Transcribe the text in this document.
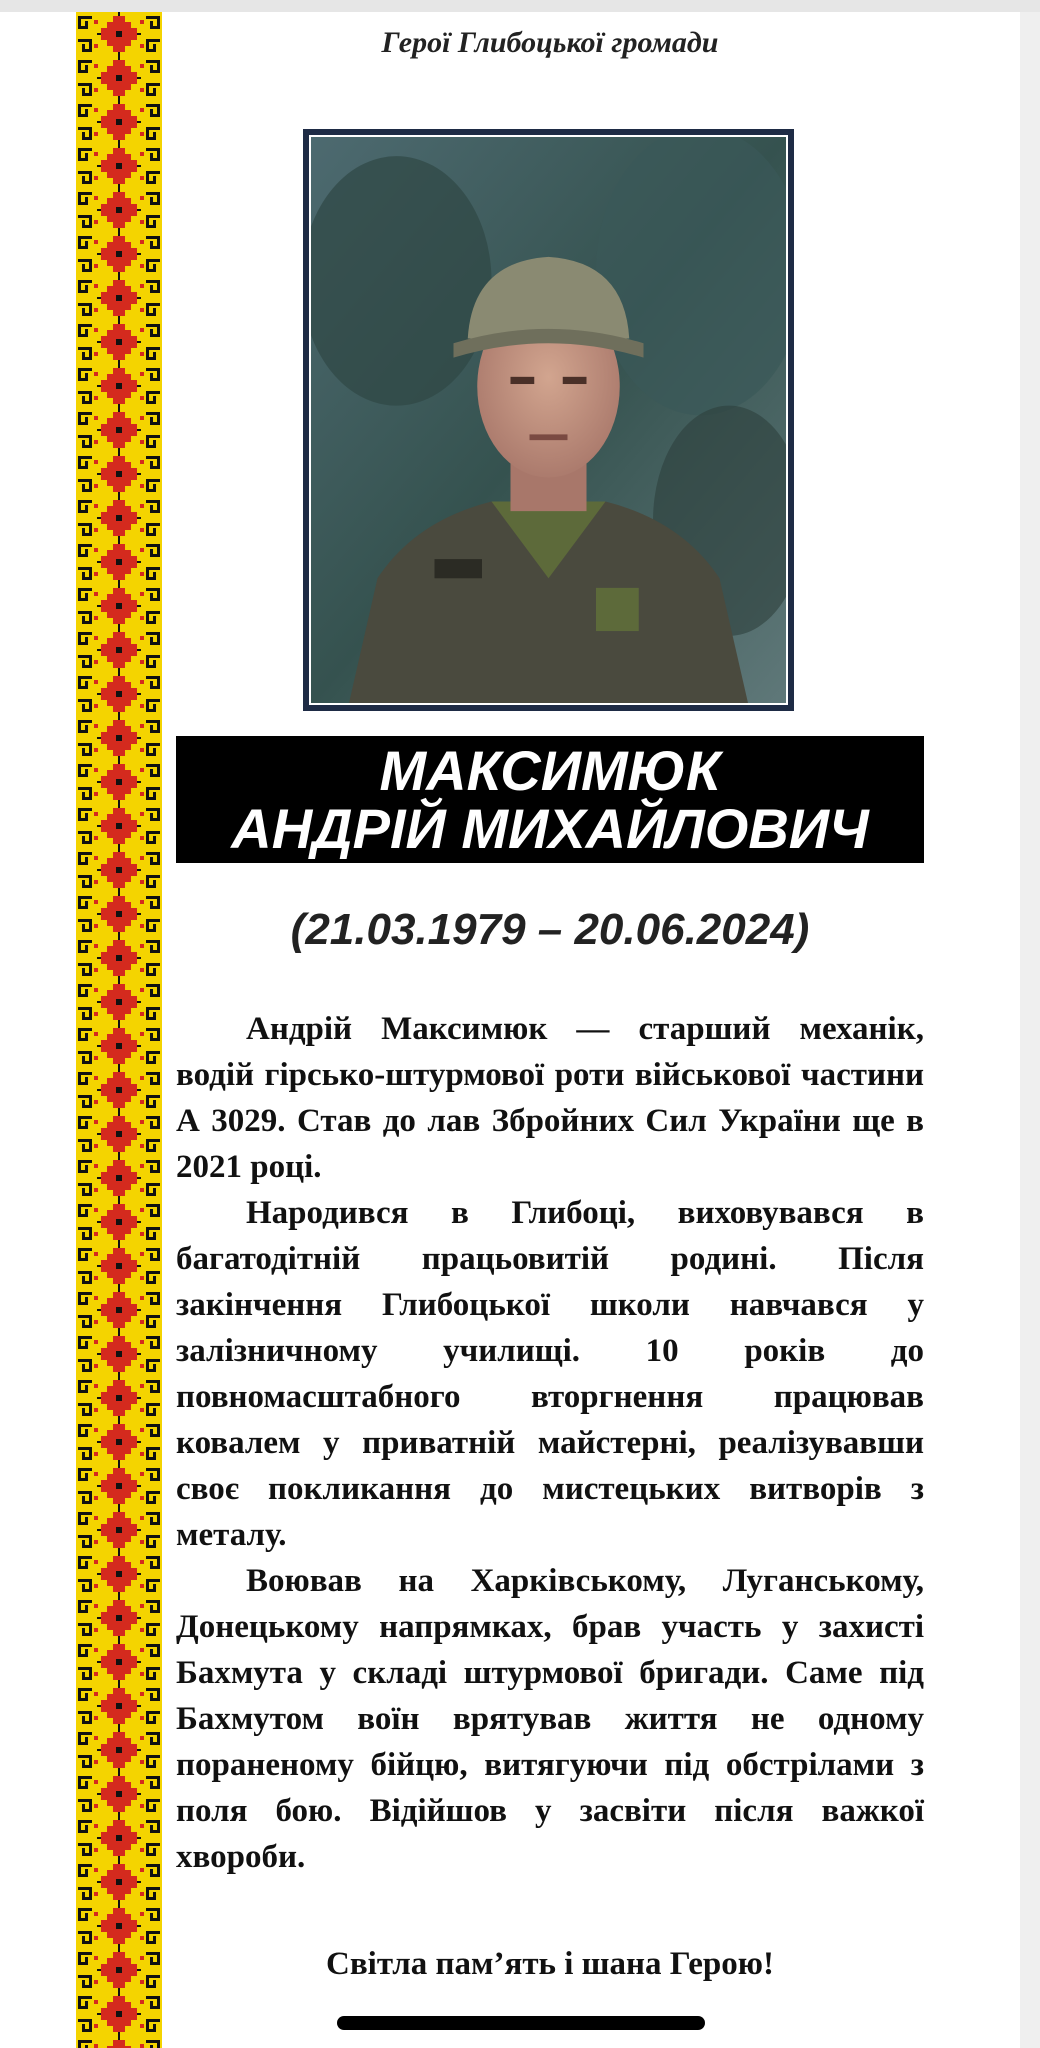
Герої Глибоцької громади
МАКСИМЮК
АНДРІЙ МИХАЙЛОВИЧ
(21.03.1979 – 20.06.2024)

Андрій Максимюк — старший механік, водій гірсько-штурмової роти військової частини А 3029. Став до лав Збройних Сил України ще в 2021 році.

Народився в Глибоці, виховувався в багатодітній працьовитій родині. Після закінчення Глибоцької школи навчався у залізничному училищі. 10 років до повномасштабного вторгнення працював ковалем у приватній майстерні, реалізувавши своє покликання до мистецьких витворів з металу.

Воював на Харківському, Луганському, Донецькому напрямках, брав участь у захисті Бахмута у складі штурмової бригади. Саме під Бахмутом воїн врятував життя не одному пораненому бійцю, витягуючи під обстрілами з поля бою. Відійшов у засвіти після важкої хвороби.

Світла пам’ять і шана Герою!
